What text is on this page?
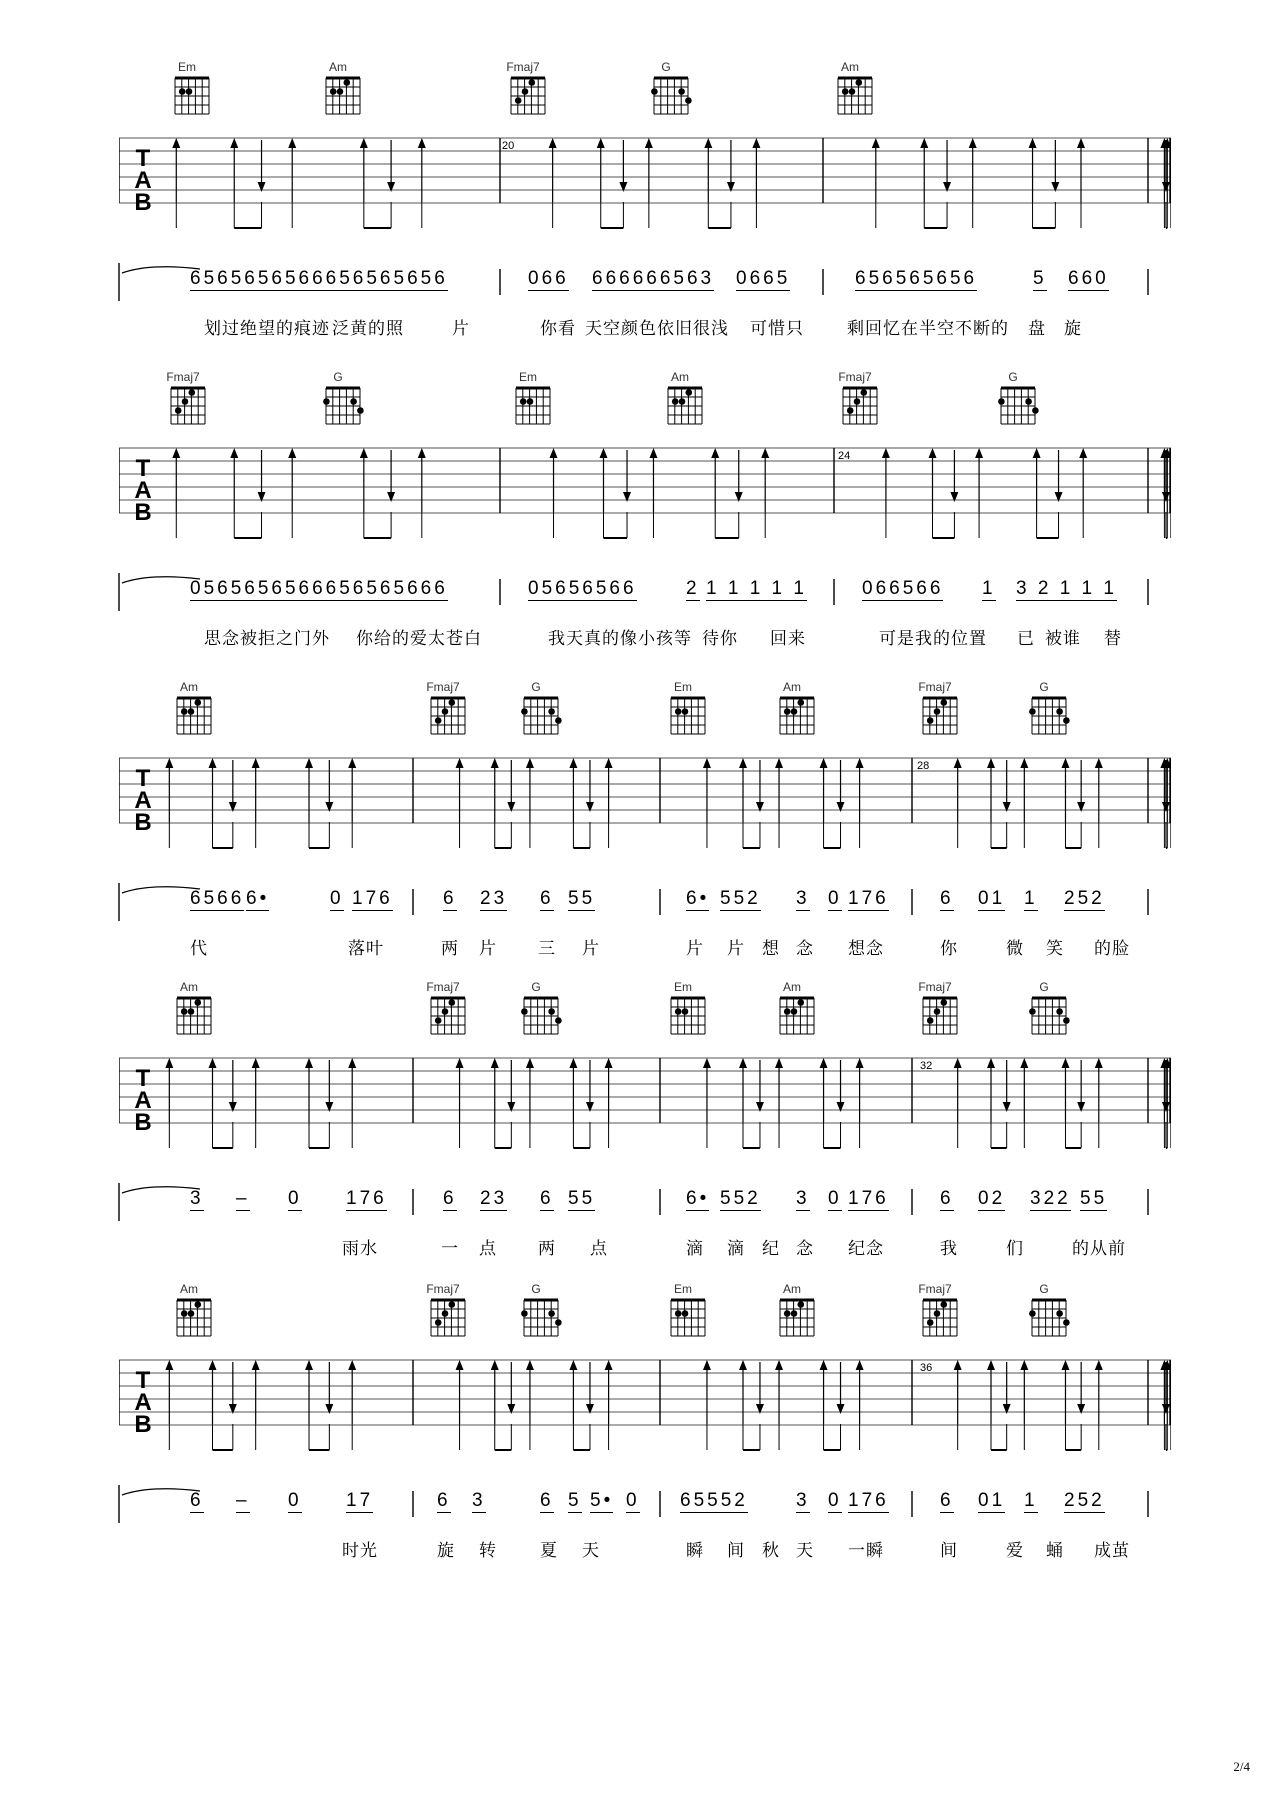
Em	Am	Fmaj7	G	Am
T
A
B
20
6565656566656565656	066 666666563 0665	656565656	5 660
划过绝望的痕迹 泛黄的照	片	你看 天空颜色依旧很浅 可惜只	剩回忆在半空不断的 盘 旋
Fmaj7	G	Em	Am	Fmaj7	G
T
A
B
24
0565656566656565666	05656566	2 1 1 1 1 1	066566 1 3 2 1 1 1
思念被拒之门外 你给的爱太苍白	我天真的像小孩等 待你 回来	可是我的位置 已 被谁 替
Am	Fmaj7	G	Em	Am	Fmaj7	G
T
A
B
28
6566 6•	0 176	6 23 6 55	6• 552 3 0 176	6 01 1 252
代	落叶	两 片 三 片	片 片 想 念 想念	你	微 笑 的脸
Am	Fmaj7	G	Em	Am	Fmaj7	G
T
A
B
32
3 – 0 176	6 23 6 55	6• 552 3 0 176	6 02 322 55
雨水	一 点 两 点	滴 滴 纪 念 纪念	我	们	的从前
Am	Fmaj7	G	Em	Am	Fmaj7	G
T
A
B
36
6 – 0 17	6 3	6 5 5• 0 65552	3 0 176	6 01 1 252
时光	旋 转	夏 天	瞬 间 秋 天 一瞬	间	爱 蛹 成茧
2/4
